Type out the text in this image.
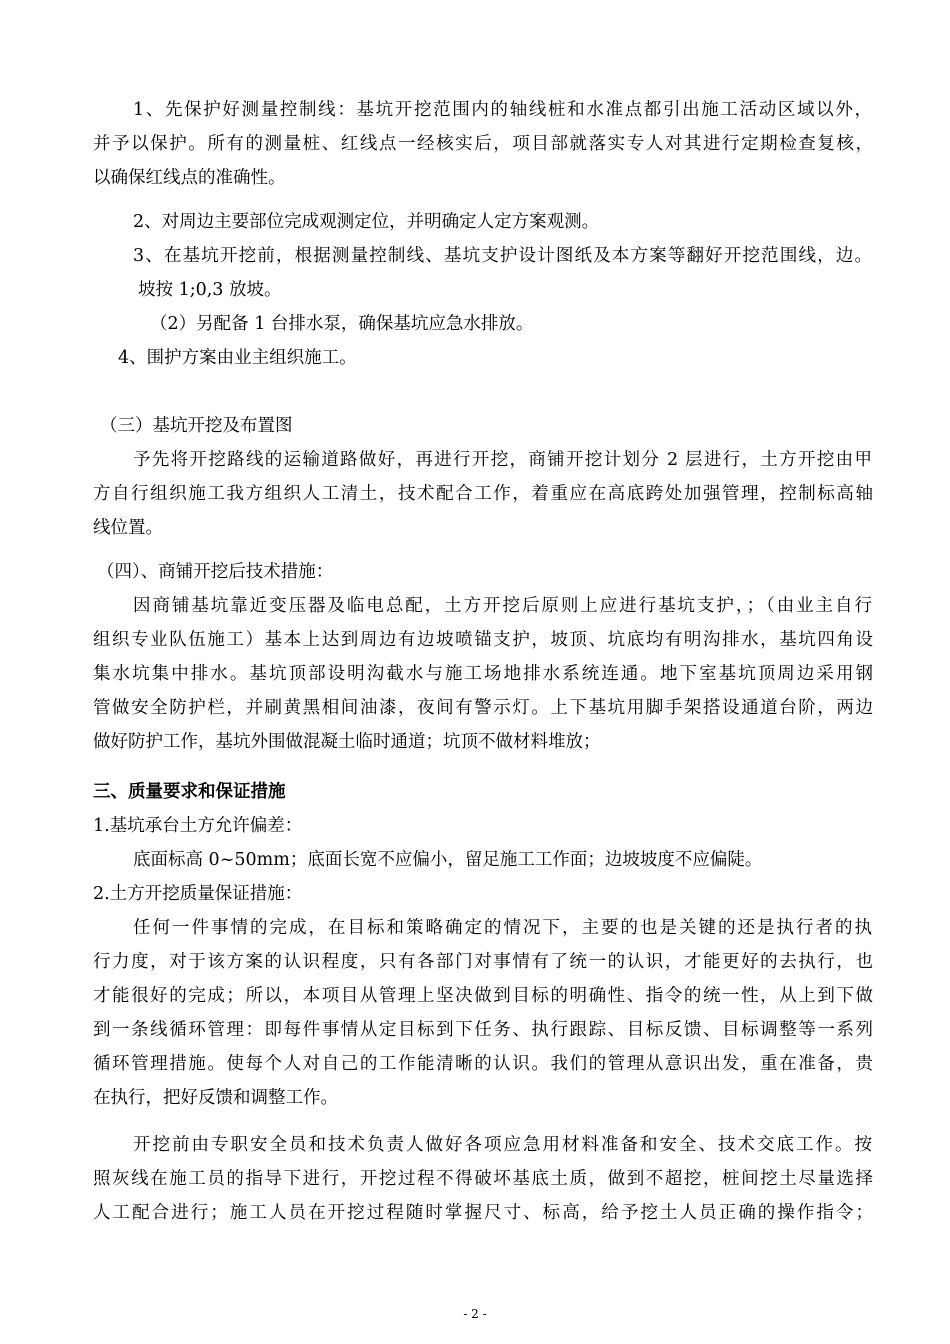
1、先保护好测量控制线：基坑开挖范围内的轴线桩和水准点都引出施工活动区域以外，
并予以保护。所有的测量桩、红线点一经核实后，项目部就落实专人对其进行定期检查复核，
以确保红线点的准确性。
2、对周边主要部位完成观测定位，并明确定人定方案观测。
3、在基坑开挖前，根据测量控制线、基坑支护设计图纸及本方案等翻好开挖范围线，边。
坡按 1;0,3 放坡。
（2）另配备 1 台排水泵，确保基坑应急水排放。
4、围护方案由业主组织施工。
（三）基坑开挖及布置图
予先将开挖路线的运输道路做好，再进行开挖，商铺开挖计划分 2 层进行，土方开挖由甲
方自行组织施工我方组织人工清土，技术配合工作，着重应在高底跨处加强管理，控制标高轴
线位置。
（四）、商铺开挖后技术措施：
因商铺基坑靠近变压器及临电总配，土方开挖后原则上应进行基坑支护，；（由业主自行
组织专业队伍施工）基本上达到周边有边坡喷锚支护，坡顶、坑底均有明沟排水，基坑四角设
集水坑集中排水。基坑顶部设明沟截水与施工场地排水系统连通。地下室基坑顶周边采用钢
管做安全防护栏，并刷黄黑相间油漆，夜间有警示灯。上下基坑用脚手架搭设通道台阶，两边
做好防护工作，基坑外围做混凝土临时通道；坑顶不做材料堆放；
三、质量要求和保证措施
1.基坑承台土方允许偏差：
底面标高 0~50mm；底面长宽不应偏小，留足施工工作面；边坡坡度不应偏陡。
2.土方开挖质量保证措施：
任何一件事情的完成，在目标和策略确定的情况下，主要的也是关键的还是执行者的执
行力度，对于该方案的认识程度，只有各部门对事情有了统一的认识，才能更好的去执行，也
才能很好的完成；所以，本项目从管理上坚决做到目标的明确性、指令的统一性，从上到下做
到一条线循环管理：即每件事情从定目标到下任务、执行跟踪、目标反馈、目标调整等一系列
循环管理措施。使每个人对自己的工作能清晰的认识。我们的管理从意识出发，重在准备，贵
在执行，把好反馈和调整工作。
开挖前由专职安全员和技术负责人做好各项应急用材料准备和安全、技术交底工作。按
照灰线在施工员的指导下进行，开挖过程不得破坏基底土质，做到不超挖，桩间挖土尽量选择
人工配合进行；施工人员在开挖过程随时掌握尺寸、标高，给予挖土人员正确的操作指令；
- 2 -
